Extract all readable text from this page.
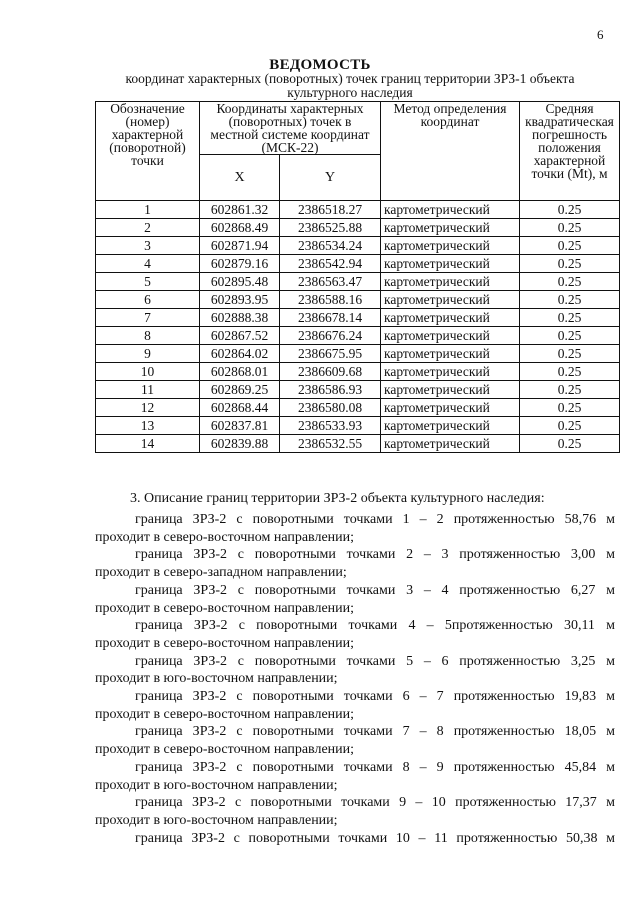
6
ВЕДОМОСТЬ
координат характерных (поворотных) точек границ территории ЗРЗ-1 объекта культурного наследия
Обозначение (номер) характерной (поворотной) точки	Координаты характерных (поворотных) точек в местной системе координат (МСК-22)		Метод определения координат	Средняя квадратическая погрешность положения характерной точки (Mt), м
	X	Y		
1	602861.32	2386518.27	картометрический	0.25
2	602868.49	2386525.88	картометрический	0.25
3	602871.94	2386534.24	картометрический	0.25
4	602879.16	2386542.94	картометрический	0.25
5	602895.48	2386563.47	картометрический	0.25
6	602893.95	2386588.16	картометрический	0.25
7	602888.38	2386678.14	картометрический	0.25
8	602867.52	2386676.24	картометрический	0.25
9	602864.02	2386675.95	картометрический	0.25
10	602868.01	2386609.68	картометрический	0.25
11	602869.25	2386586.93	картометрический	0.25
12	602868.44	2386580.08	картометрический	0.25
13	602837.81	2386533.93	картометрический	0.25
14	602839.88	2386532.55	картометрический	0.25
3. Описание границ территории ЗРЗ-2 объекта культурного наследия:
граница ЗРЗ-2 с поворотными точками 1 – 2 протяженностью 58,76 м
проходит в северо-восточном направлении;
граница ЗРЗ-2 с поворотными точками 2 – 3 протяженностью 3,00 м
проходит в северо-западном направлении;
граница ЗРЗ-2 с поворотными точками 3 – 4 протяженностью 6,27 м
проходит в северо-восточном направлении;
граница ЗРЗ-2 с поворотными точками 4 – 5протяженностью 30,11 м
проходит в северо-восточном направлении;
граница ЗРЗ-2 с поворотными точками 5 – 6 протяженностью 3,25 м
проходит в юго-восточном направлении;
граница ЗРЗ-2 с поворотными точками 6 – 7 протяженностью 19,83 м
проходит в северо-восточном направлении;
граница ЗРЗ-2 с поворотными точками 7 – 8 протяженностью 18,05 м
проходит в северо-восточном направлении;
граница ЗРЗ-2 с поворотными точками 8 – 9 протяженностью 45,84 м
проходит в юго-восточном направлении;
граница ЗРЗ-2 с поворотными точками 9 – 10 протяженностью 17,37 м
проходит в юго-восточном направлении;
граница ЗРЗ-2 с поворотными точками 10 – 11 протяженностью 50,38 м
